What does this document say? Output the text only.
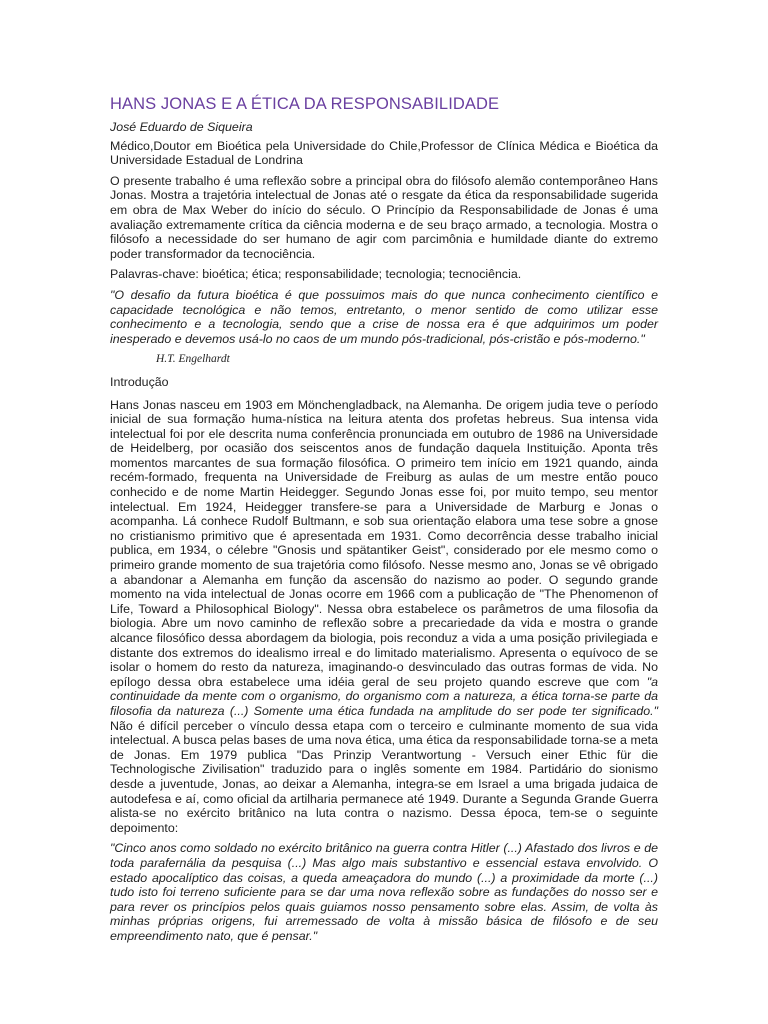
HANS JONAS E A ÉTICA DA RESPONSABILIDADE

José Eduardo de Siqueira

Médico,Doutor em Bioética pela Universidade do Chile,Professor de Clínica Médica e Bioética da Universidade Estadual de Londrina

O presente trabalho é uma reflexão sobre a principal obra do filósofo alemão contemporâneo Hans Jonas. Mostra a trajetória intelectual de Jonas até o resgate da ética da responsabilidade sugerida em obra de Max Weber do início do século. O Princípio da Responsabilidade de Jonas é uma avaliação extremamente crítica da ciência moderna e de seu braço armado, a tecnologia. Mostra o filósofo a necessidade do ser humano de agir com parcimônia e humildade diante do extremo poder transformador da tecnociência.

Palavras-chave: bioética; ética; responsabilidade; tecnologia; tecnociência.

"O desafio da futura bioética é que possuimos mais do que nunca conhecimento científico e capacidade tecnológica e não temos, entretanto, o menor sentido de como utilizar esse conhecimento e a tecnologia, sendo que a crise de nossa era é que adquirimos um poder inesperado e devemos usá-lo no caos de um mundo pós-tradicional, pós-cristão e pós-moderno."

H.T. Engelhardt
Introdução

Hans Jonas nasceu em 1903 em Mönchengladback, na Alemanha. De origem judia teve o período inicial de sua formação huma-nística na leitura atenta dos profetas hebreus. Sua intensa vida intelectual foi por ele descrita numa conferência pronunciada em outubro de 1986 na Universidade de Heidelberg, por ocasião dos seiscentos anos de fundação daquela Instituição. Aponta três momentos marcantes de sua formação filosófica. O primeiro tem início em 1921 quando, ainda recém-formado, frequenta na Universidade de Freiburg as aulas de um mestre então pouco conhecido e de nome Martin Heidegger. Segundo Jonas esse foi, por muito tempo, seu mentor intelectual. Em 1924, Heidegger transfere-se para a Universidade de Marburg e Jonas o acompanha. Lá conhece Rudolf Bultmann, e sob sua orientação elabora uma tese sobre a gnose no cristianismo primitivo que é apresentada em 1931. Como decorrência desse trabalho inicial publica, em 1934, o célebre "Gnosis und spätantiker Geist", considerado por ele mesmo como o primeiro grande momento de sua trajetória como filósofo. Nesse mesmo ano, Jonas se vê obrigado a abandonar a Alemanha em função da ascensão do nazismo ao poder. O segundo grande momento na vida intelectual de Jonas ocorre em 1966 com a publicação de "The Phenomenon of Life, Toward a Philosophical Biology". Nessa obra estabelece os parâmetros de uma filosofia da biologia. Abre um novo caminho de reflexão sobre a precariedade da vida e mostra o grande alcance filosófico dessa abordagem da biologia, pois reconduz a vida a uma posição privilegiada e distante dos extremos do idealismo irreal e do limitado materialismo. Apresenta o equívoco de se isolar o homem do resto da natureza, imaginando-o desvinculado das outras formas de vida. No epílogo dessa obra estabelece uma idéia geral de seu projeto quando escreve que com "a continuidade da mente com o organismo, do organismo com a natureza, a ética torna-se parte da filosofia da natureza (...) Somente uma ética fundada na amplitude do ser pode ter significado." Não é difícil perceber o vínculo dessa etapa com o terceiro e culminante momento de sua vida intelectual. A busca pelas bases de uma nova ética, uma ética da responsabilidade torna-se a meta de Jonas. Em 1979 publica "Das Prinzip Verantwortung - Versuch einer Ethic für die Technologische Zivilisation" traduzido para o inglês somente em 1984. Partidário do sionismo desde a juventude, Jonas, ao deixar a Alemanha, integra-se em Israel a uma brigada judaica de autodefesa e aí, como oficial da artilharia permanece até 1949. Durante a Segunda Grande Guerra alista-se no exército britânico na luta contra o nazismo. Dessa época, tem-se o seguinte depoimento:

"Cinco anos como soldado no exército britânico na guerra contra Hitler (...) Afastado dos livros e de toda parafernália da pesquisa (...) Mas algo mais substantivo e essencial estava envolvido. O estado apocalíptico das coisas, a queda ameaçadora do mundo (...) a proximidade da morte (...) tudo isto foi terreno suficiente para se dar uma nova reflexão sobre as fundações do nosso ser e para rever os princípios pelos quais guiamos nosso pensamento sobre elas. Assim, de volta às minhas próprias origens, fui arremessado de volta à missão básica de filósofo e de seu empreendimento nato, que é pensar."
